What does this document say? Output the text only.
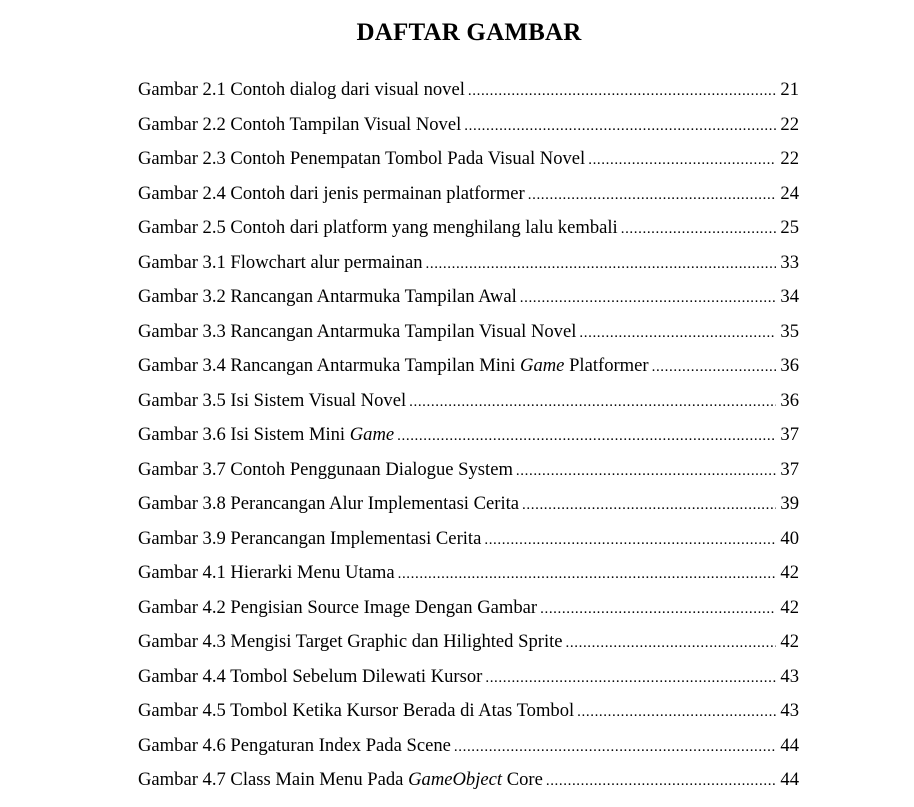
DAFTAR GAMBAR
Gambar 2.1 Contoh dialog dari visual novel .....	21
Gambar 2.2 Contoh Tampilan Visual Novel .....	22
Gambar 2.3 Contoh Penempatan Tombol Pada Visual Novel .....	22
Gambar 2.4 Contoh dari jenis permainan platformer .....	24
Gambar 2.5 Contoh dari platform yang menghilang lalu kembali .....	25
Gambar 3.1 Flowchart alur permainan .....	33
Gambar 3.2 Rancangan Antarmuka Tampilan Awal .....	34
Gambar 3.3 Rancangan Antarmuka Tampilan Visual Novel .....	35
Gambar 3.4 Rancangan Antarmuka Tampilan Mini Game Platformer .....	36
Gambar 3.5 Isi Sistem Visual Novel .....	36
Gambar 3.6 Isi Sistem Mini Game .....	37
Gambar 3.7 Contoh Penggunaan Dialogue System .....	37
Gambar 3.8 Perancangan Alur Implementasi Cerita .....	39
Gambar 3.9 Perancangan Implementasi Cerita .....	40
Gambar 4.1 Hierarki Menu Utama .....	42
Gambar 4.2 Pengisian Source Image Dengan Gambar .....	42
Gambar 4.3 Mengisi Target Graphic dan Hilighted Sprite .....	42
Gambar 4.4 Tombol Sebelum Dilewati Kursor .....	43
Gambar 4.5 Tombol Ketika Kursor Berada di Atas Tombol .....	43
Gambar 4.6 Pengaturan Index Pada Scene .....	44
Gambar 4.7 Class Main Menu Pada GameObject Core .....	44
